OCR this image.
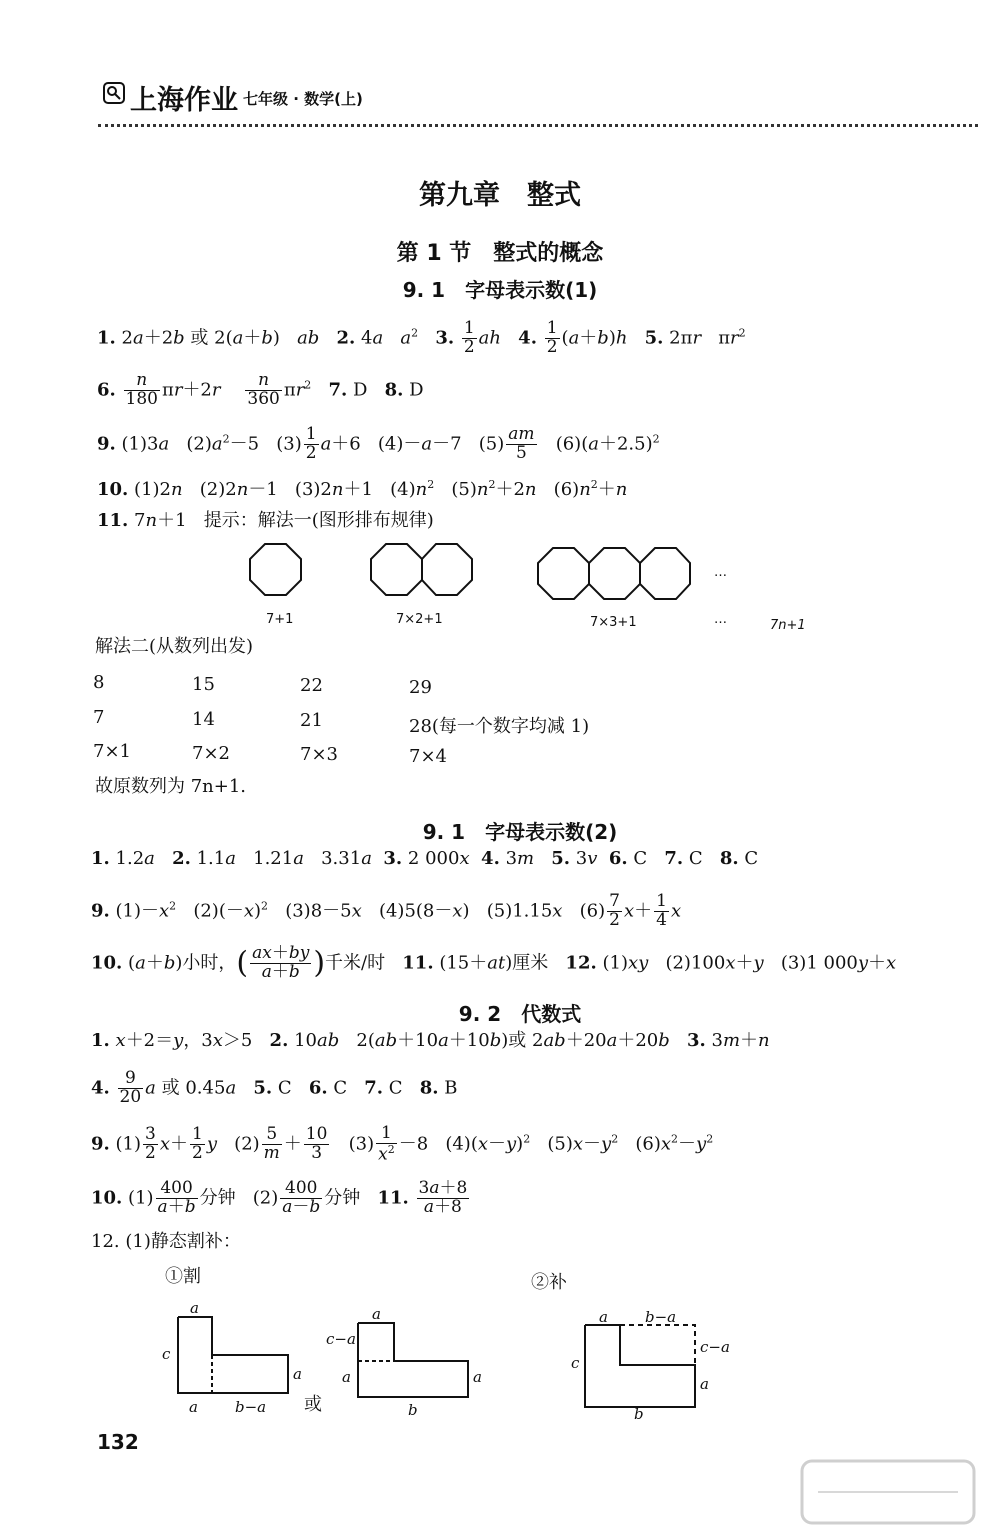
上海作业 七年级 · 数学(上)
第九章　整式
第 1 节　整式的概念
9. 1　字母表示数(1)
1. 2a＋2b 或 2(a＋b)   ab 2. 4a $a^2$ 3. $\frac{1}{2}$ ah 4. $\frac{1}{2} (a+b)h$ 5. 2πr   $\pi r^2$
6. $\frac{n}{180} \pi r+2r \frac{n}{360} \pi r^2$ 7. D   8. D
9. (1)3a   $(2)a^2-5$   $(3) \frac{1}{2} a+6$   (4)－a－7   $(5) \frac{am}{5} (6)(a+2.5)^2$
10. (1)2n   (2)2n－1   (3)2n＋1   $(4)n^2$   $(5)n^2+2n$   $(6)n^2+n$
11. 7n＋1   提示：解法一(图形排布规律)
…
7+1	7×2+1	7×3+1	…	7n+1
解法二(从数列出发)
8	15	22	29
7	14	21	28(每一个数字均减 1)
7×1	7×2	7×3	7×4
故原数列为 7n+1.
9. 1　字母表示数(2)
1. 1.2a 2. 1.1a   1.21a   3.31a 3. 2 000x 4. 3m 5. 3v 6. C   7. C   8. C
9. $(1)-x^2$   $(2)(-x)^2$   (3)8－5x   (4)5(8－x)   (5)1.15x   $(6) \frac{7}{2} x+ \frac{1}{4}$ x
10. (a＋b)小时，( $\frac{ax+by}{a+b}$ )千米/时   11. (15＋at)厘米   12. (1)xy   (2)100x＋y   (3)1 000y＋x
9. 2　代数式
1. x＋2＝y，3x＞5   2. 10ab   2(ab＋10a＋10b)或 2ab＋20a＋20b 3. 3m＋n
4. $\frac{9}{20}$ a 或 0.45a 5. C   6. C   7. C   8. B
9. $(1) \frac{3}{2} x+ \frac{1}{2}$ y   $(2) \frac{5}{m} + \frac{10}{3} (3) \frac{1}{x^2} -8$   $(4)(x-y)^2$   $(5)x-y^2$   $(6)x^2-y^2$
10. $(1) \frac{400}{a+b}$ 分钟   $(2) \frac{400}{a-b}$ 分钟   11. $\frac{3a+8}{a+8}$
12. (1)静态割补：
①割	②补
a
c
a
a b−a 或
a
c−a
a	a
b
a b−a
c−a
c
a
b
132
